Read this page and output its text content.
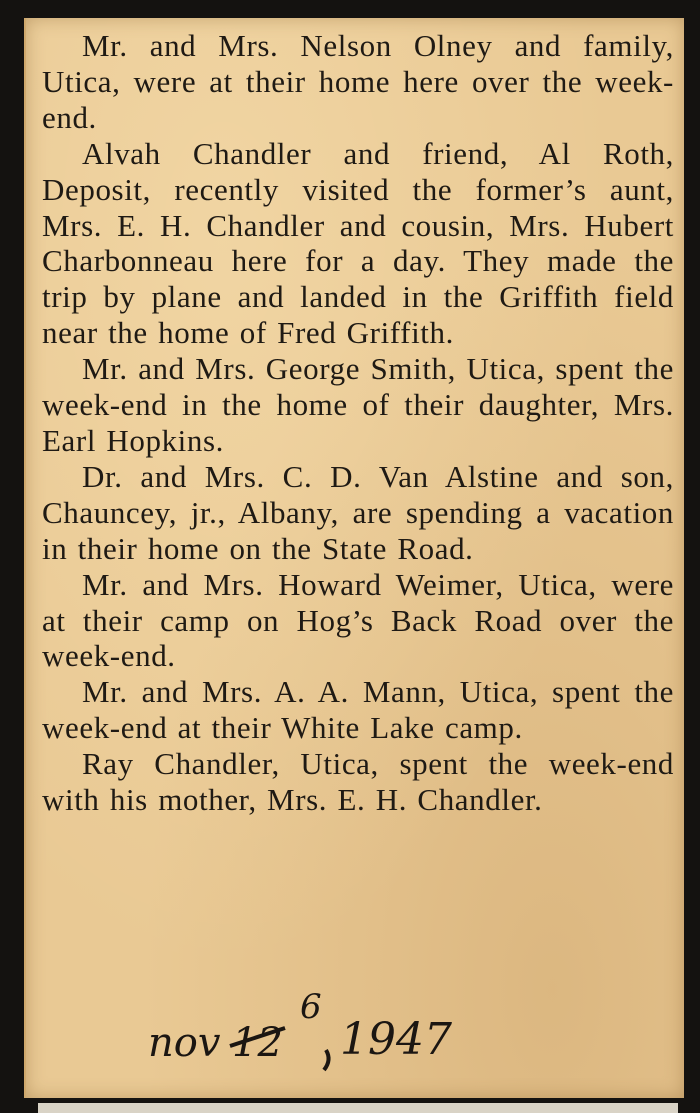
Mr. and Mrs. Nelson Olney and family, Utica, were at their home here over the week-end.

Alvah Chandler and friend, Al Roth, Deposit, recently visited the former’s aunt, Mrs. E. H. Chandler and cousin, Mrs. Hubert Charbonneau here for a day. They made the trip by plane and landed in the Griffith field near the home of Fred Griffith.

Mr. and Mrs. George Smith, Utica, spent the week-end in the home of their daughter, Mrs. Earl Hopkins.

Dr. and Mrs. C. D. Van Alstine and son, Chauncey, jr., Albany, are spending a vacation in their home on the State Road.

Mr. and Mrs. Howard Weimer, Utica, were at their camp on Hog’s Back Road over the week-end.

Mr. and Mrs. A. A. Mann, Utica, spent the week-end at their White Lake camp.

Ray Chandler, Utica, spent the week-end with his mother, Mrs. E. H. Chandler.

6
nov 12 1947
